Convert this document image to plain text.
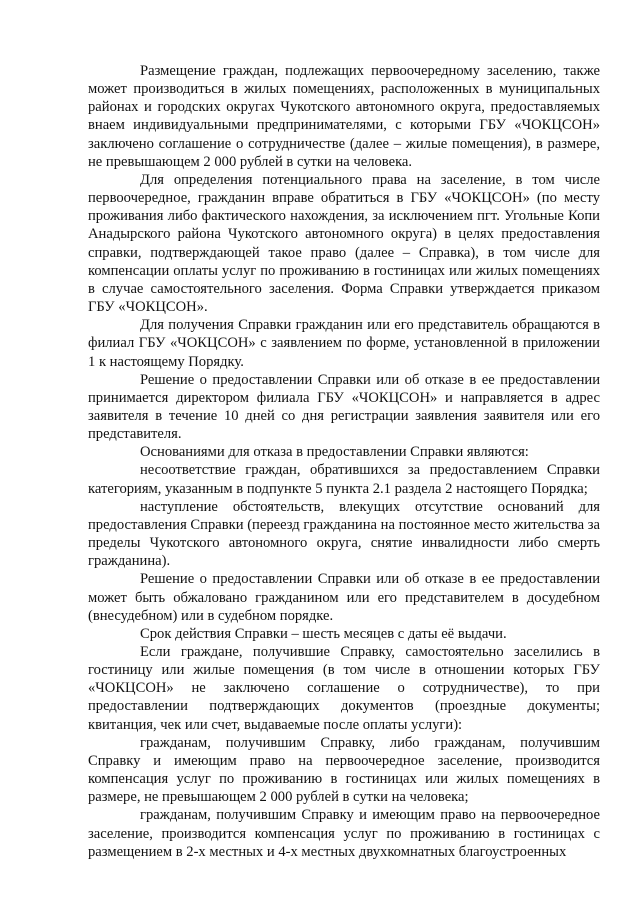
Размещение граждан, подлежащих первоочередному заселению, также может производиться в жилых помещениях, расположенных в муниципальных районах и городских округах Чукотского автономного округа, предоставляемых внаем индивидуальными предпринимателями, с которыми ГБУ «ЧОКЦСОН» заключено соглашение о сотрудничестве (далее – жилые помещения), в размере, не превышающем 2 000 рублей в сутки на человека.

Для определения потенциального права на заселение, в том числе первоочередное, гражданин вправе обратиться в ГБУ «ЧОКЦСОН» (по месту проживания либо фактического нахождения, за исключением пгт. Угольные Копи Анадырского района Чукотского автономного округа) в целях предоставления справки, подтверждающей такое право (далее – Справка), в том числе для компенсации оплаты услуг по проживанию в гостиницах или жилых помещениях в случае самостоятельного заселения. Форма Справки утверждается приказом ГБУ «ЧОКЦСОН».

Для получения Справки гражданин или его представитель обращаются в филиал ГБУ «ЧОКЦСОН» с заявлением по форме, установленной в приложении 1 к настоящему Порядку.

Решение о предоставлении Справки или об отказе в ее предоставлении принимается директором филиала ГБУ «ЧОКЦСОН» и направляется в адрес заявителя в течение 10 дней со дня регистрации заявления заявителя или его представителя.

Основаниями для отказа в предоставлении Справки являются:

несоответствие граждан, обратившихся за предоставлением Справки категориям, указанным в подпункте 5 пункта 2.1 раздела 2 настоящего Порядка;

наступление обстоятельств, влекущих отсутствие оснований для предоставления Справки (переезд гражданина на постоянное место жительства за пределы Чукотского автономного округа, снятие инвалидности либо смерть гражданина).

Решение о предоставлении Справки или об отказе в ее предоставлении может быть обжаловано гражданином или его представителем в досудебном (внесудебном) или в судебном порядке.

Срок действия Справки – шесть месяцев с даты её выдачи.

Если граждане, получившие Справку, самостоятельно заселились в гостиницу или жилые помещения (в том числе в отношении которых ГБУ «ЧОКЦСОН» не заключено соглашение о сотрудничестве), то при предоставлении подтверждающих документов (проездные документы; квитанция, чек или счет, выдаваемые после оплаты услуги):

гражданам, получившим Справку, либо гражданам, получившим Справку и имеющим право на первоочередное заселение, производится компенсация услуг по проживанию в гостиницах или жилых помещениях в размере, не превышающем 2 000 рублей в сутки на человека;

гражданам, получившим Справку и имеющим право на первоочередное заселение, производится компенсация услуг по проживанию в гостиницах с размещением в 2-х местных и 4-х местных двухкомнатных благоустроенных
